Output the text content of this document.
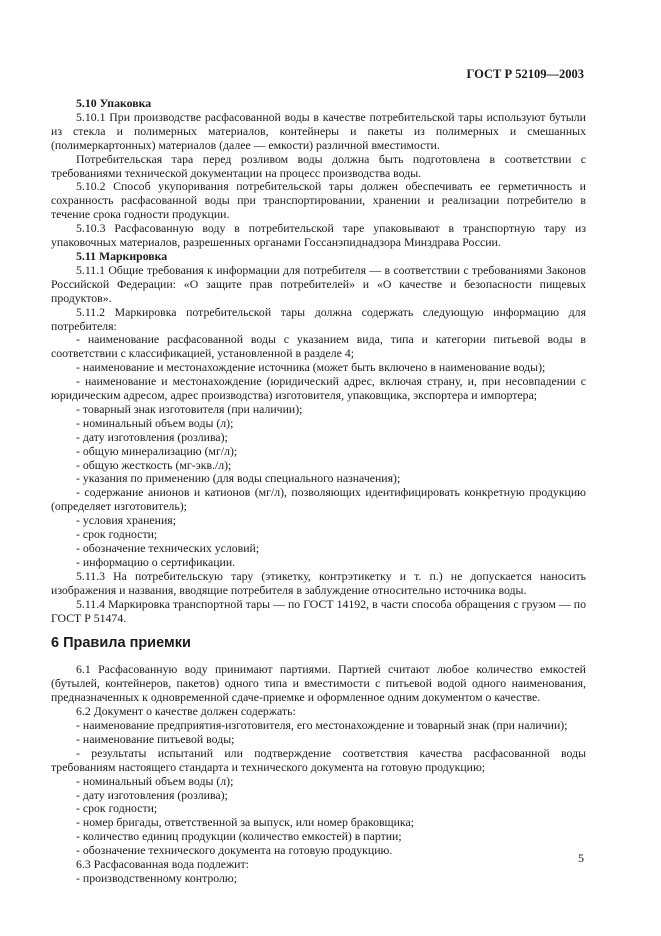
ГОСТ Р 52109—2003
5.10 Упаковка

5.10.1 При производстве расфасованной воды в качестве потребительской тары используют бутыли из стекла и полимерных материалов, контейнеры и пакеты из полимерных и смешанных (полимеркартонных) материалов (далее — емкости) различной вместимости.

Потребительская тара перед розливом воды должна быть подготовлена в соответствии с требованиями технической документации на процесс производства воды.

5.10.2 Способ укупоривания потребительской тары должен обеспечивать ее герметичность и сохранность расфасованной воды при транспортировании, хранении и реализации потребителю в течение срока годности продукции.

5.10.3 Расфасованную воду в потребительской таре упаковывают в транспортную тару из упаковочных материалов, разрешенных органами Госсанэпиднадзора Минздрава России.

5.11 Маркировка

5.11.1 Общие требования к информации для потребителя — в соответствии с требованиями Законов Российской Федерации: «О защите прав потребителей» и «О качестве и безопасности пищевых продуктов».

5.11.2 Маркировка потребительской тары должна содержать следующую информацию для потребителя:

- наименование расфасованной воды с указанием вида, типа и категории питьевой воды в соответствии с классификацией, установленной в разделе 4;

- наименование и местонахождение источника (может быть включено в наименование воды);

- наименование и местонахождение (юридический адрес, включая страну, и, при несовпадении с юридическим адресом, адрес производства) изготовителя, упаковщика, экспортера и импортера;

- товарный знак изготовителя (при наличии);

- номинальный объем воды (л);

- дату изготовления (розлива);

- общую минерализацию (мг/л);

- общую жесткость (мг-экв./л);

- указания по применению (для воды специального назначения);

- содержание анионов и катионов (мг/л), позволяющих идентифицировать конкретную продукцию (определяет изготовитель);

- условия хранения;

- срок годности;

- обозначение технических условий;

- информацию о сертификации.

5.11.3 На потребительскую тару (этикетку, контрэтикетку и т. п.) не допускается наносить изображения и названия, вводящие потребителя в заблуждение относительно источника воды.

5.11.4 Маркировка транспортной тары — по ГОСТ 14192, в части способа обращения с грузом — по ГОСТ Р 51474.

6 Правила приемки

6.1 Расфасованную воду принимают партиями. Партией считают любое количество емкостей (бутылей, контейнеров, пакетов) одного типа и вместимости с питьевой водой одного наименования, предназначенных к одновременной сдаче-приемке и оформленное одним документом о качестве.

6.2 Документ о качестве должен содержать:

- наименование предприятия-изготовителя, его местонахождение и товарный знак (при наличии);

- наименование питьевой воды;

- результаты испытаний или подтверждение соответствия качества расфасованной воды требованиям настоящего стандарта и технического документа на готовую продукцию;

- номинальный объем воды (л);

- дату изготовления (розлива);

- срок годности;

- номер бригады, ответственной за выпуск, или номер браковщика;

- количество единиц продукции (количество емкостей) в партии;

- обозначение технического документа на готовую продукцию.

6.3 Расфасованная вода подлежит:

- производственному контролю;

5
